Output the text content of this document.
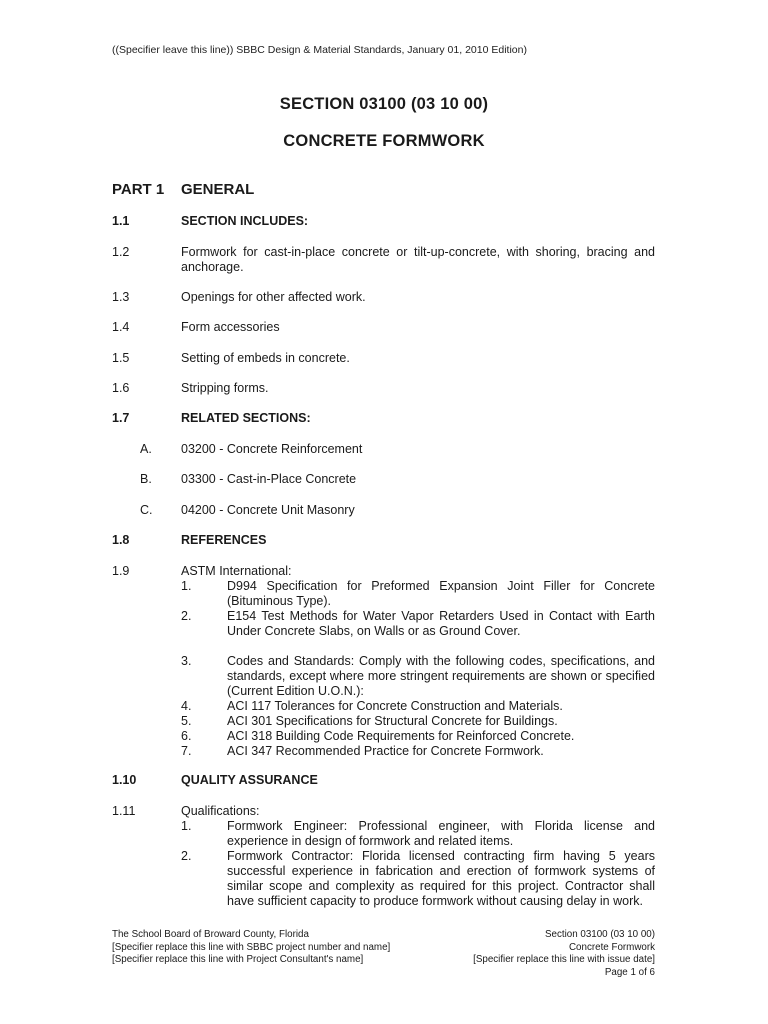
((Specifier leave this line)) SBBC Design & Material Standards, January 01, 2010 Edition)
SECTION 03100 (03 10 00)
CONCRETE FORMWORK
PART 1 GENERAL
1.1	SECTION INCLUDES:
1.2	Formwork for cast-in-place concrete or tilt-up-concrete, with shoring, bracing and anchorage.
1.3	Openings for other affected work.
1.4	Form accessories
1.5	Setting of embeds in concrete.
1.6	Stripping forms.
1.7	RELATED SECTIONS:
A. 03200 - Concrete Reinforcement
B. 03300 - Cast-in-Place Concrete
C. 04200 - Concrete Unit Masonry
1.8	REFERENCES
1.9	ASTM International:
1.	D994 Specification for Preformed Expansion Joint Filler for Concrete (Bituminous Type).
2.	E154 Test Methods for Water Vapor Retarders Used in Contact with Earth Under Concrete Slabs, on Walls or as Ground Cover.
3.	Codes and Standards: Comply with the following codes, specifications, and standards, except where more stringent requirements are shown or specified (Current Edition U.O.N.):
4.	ACI 117 Tolerances for Concrete Construction and Materials.
5.	ACI 301 Specifications for Structural Concrete for Buildings.
6.	ACI 318 Building Code Requirements for Reinforced Concrete.
7.	ACI 347 Recommended Practice for Concrete Formwork.
1.10	QUALITY ASSURANCE
1.11	Qualifications:
1.	Formwork Engineer: Professional engineer, with Florida license and experience in design of formwork and related items.
2.	Formwork Contractor: Florida licensed contracting firm having 5 years successful experience in fabrication and erection of formwork systems of similar scope and complexity as required for this project. Contractor shall have sufficient capacity to produce formwork without causing delay in work.
The School Board of Broward County, Florida
[Specifier replace this line with SBBC project number and name]
[Specifier replace this line with Project Consultant's name]
Section 03100 (03 10 00)
Concrete Formwork
[Specifier replace this line with issue date]
Page 1 of 6
